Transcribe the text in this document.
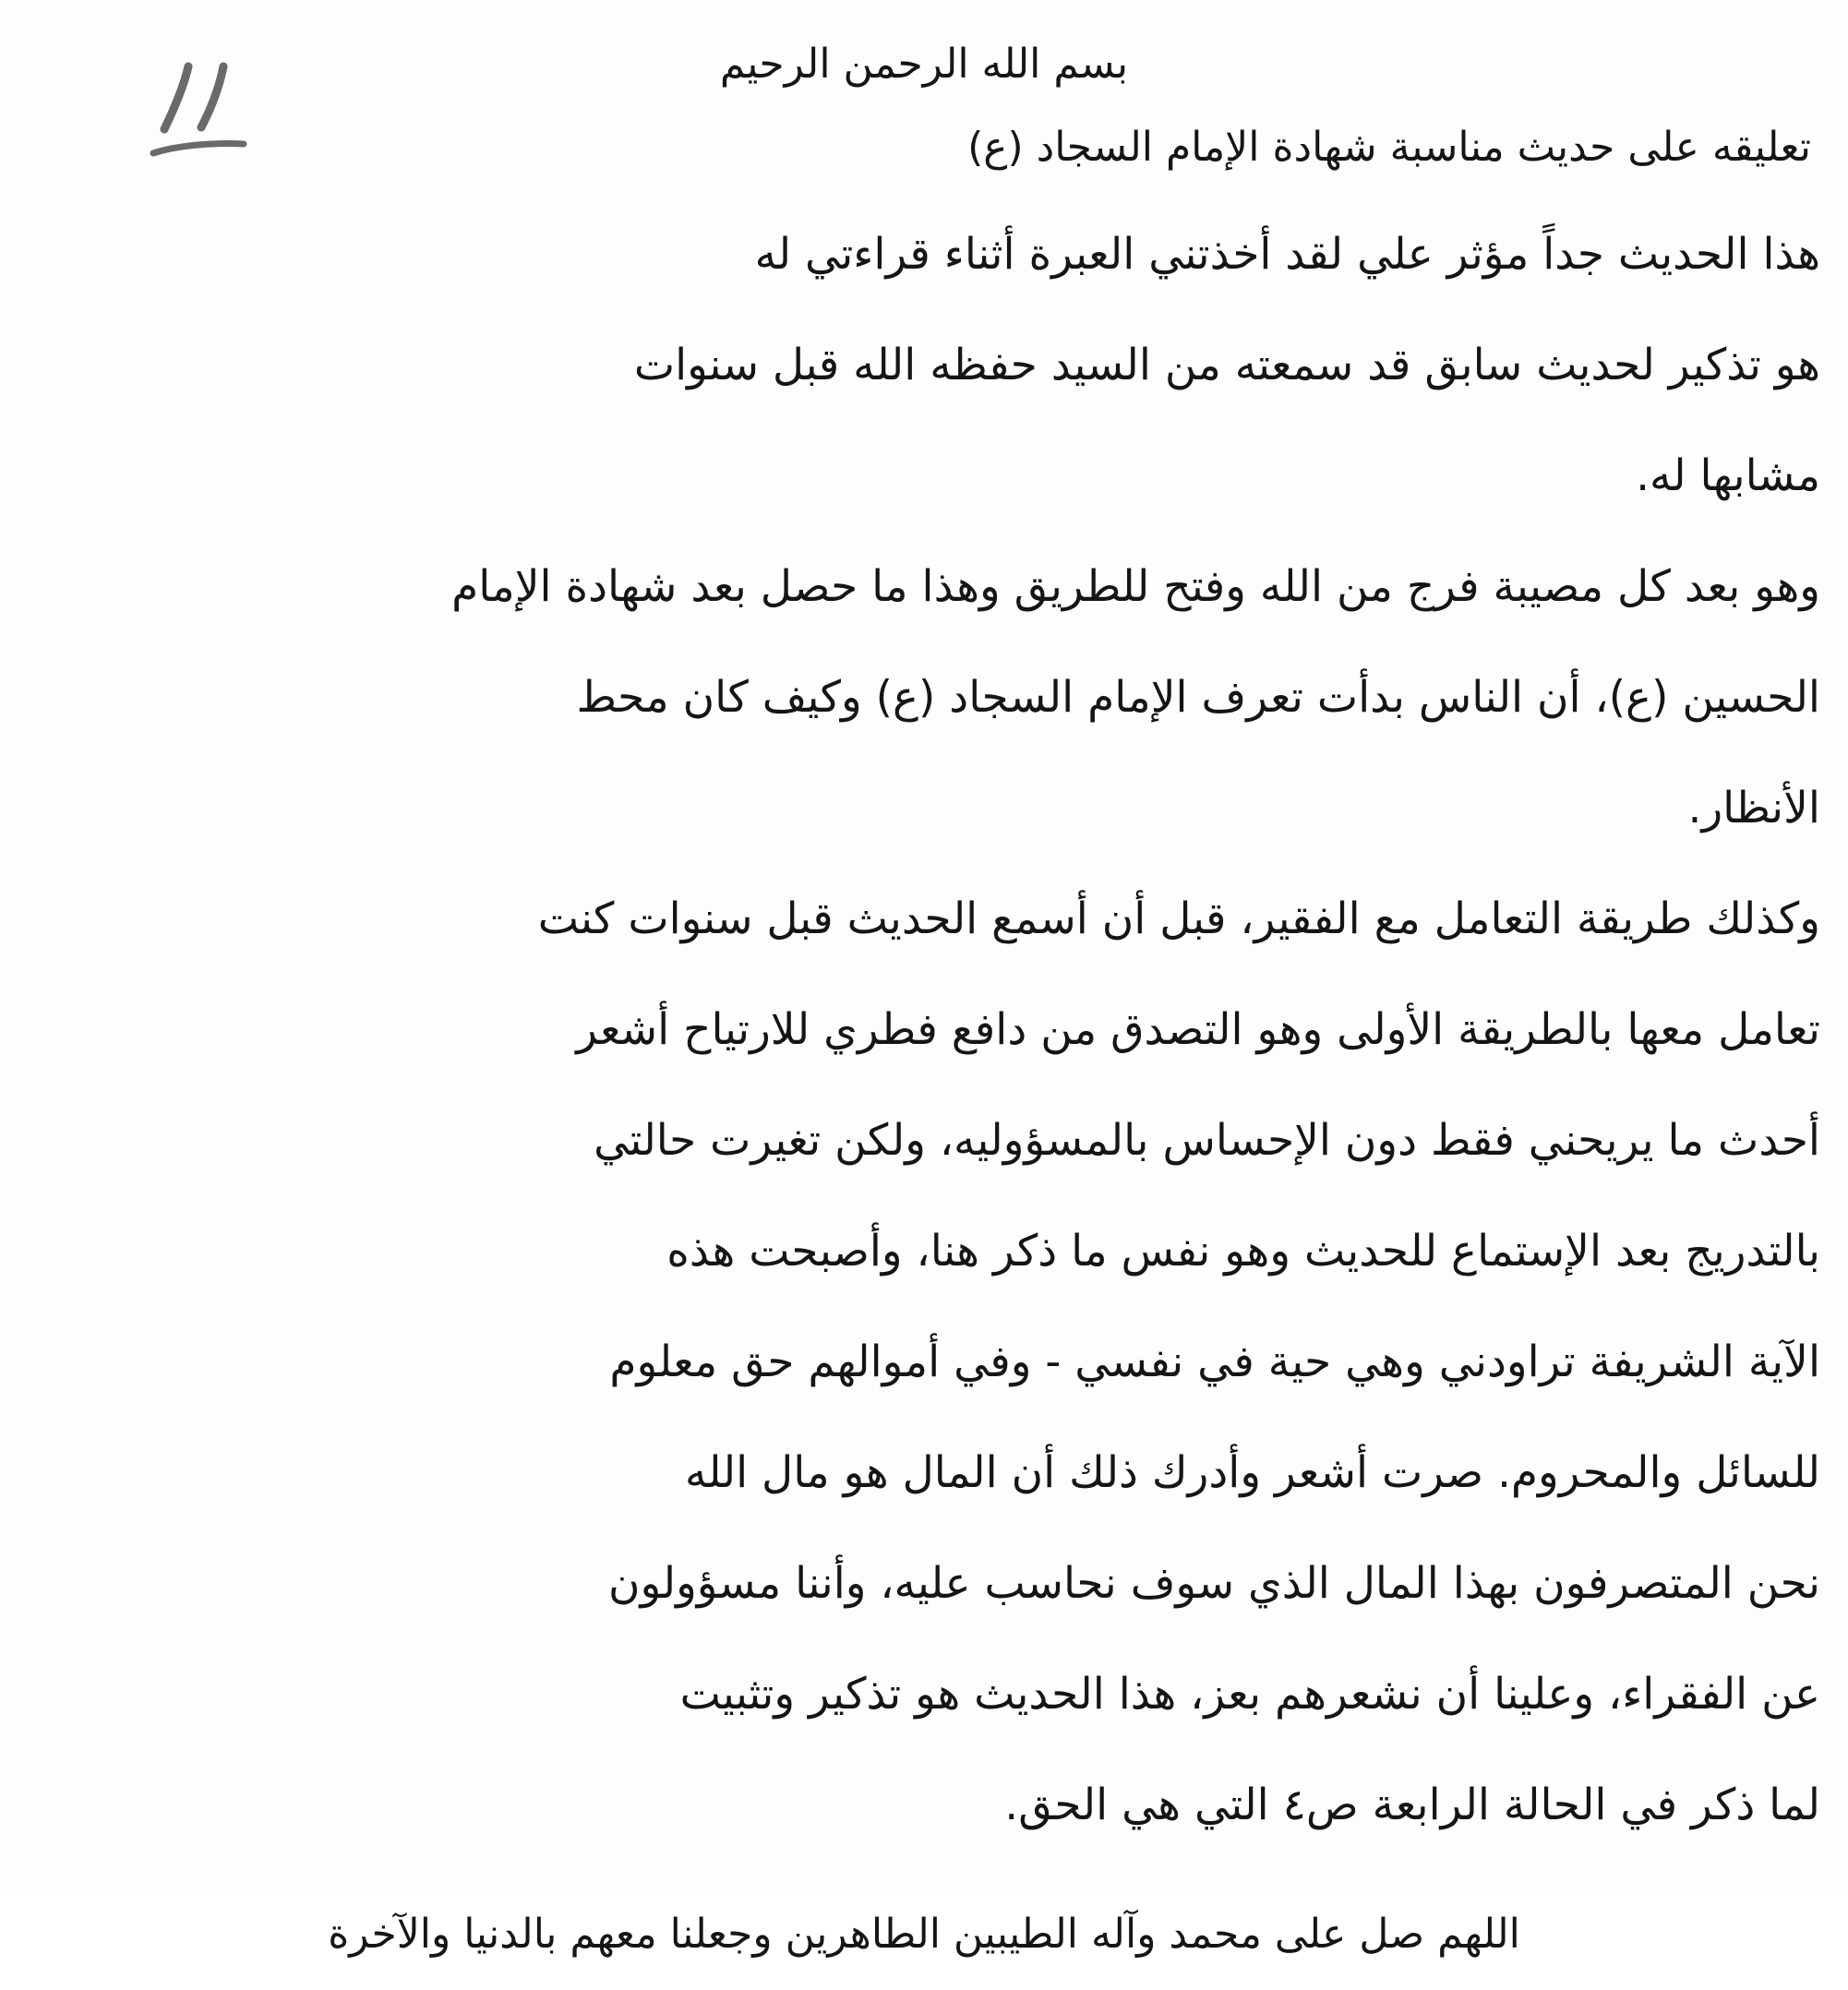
بسم الله الرحمن الرحيم
تعليقه على حديث مناسبة شهادة الإمام السجاد (ع)
هذا الحديث جداً مؤثر علي لقد أخذتني العبرة أثناء قراءتي له
هو تذكير لحديث سابق قد سمعته من السيد حفظه الله قبل سنوات
مشابها له.
وهو بعد كل مصيبة فرج من الله وفتح للطريق وهذا ما حصل بعد شهادة الإمام
الحسين (ع)، أن الناس بدأت تعرف الإمام السجاد (ع) وكيف كان محط
الأنظار.
وكذلك طريقة التعامل مع الفقير، قبل أن أسمع الحديث قبل سنوات كنت
تعامل معها بالطريقة الأولى وهو التصدق من دافع فطري للارتياح أشعر
أحدث ما يريحني فقط دون الإحساس بالمسؤوليه، ولكن تغيرت حالتي
بالتدريج بعد الإستماع للحديث وهو نفس ما ذكر هنا، وأصبحت هذه
الآية الشريفة تراودني وهي حية في نفسي - وفي أموالهم حق معلوم
للسائل والمحروم. صرت أشعر وأدرك ذلك أن المال هو مال الله
نحن المتصرفون بهذا المال الذي سوف نحاسب عليه، وأننا مسؤولون
عن الفقراء، وعلينا أن نشعرهم بعز، هذا الحديث هو تذكير وتثبيت
لما ذكر في الحالة الرابعة ص٤ التي هي الحق.
اللهم صل على محمد وآله الطيبين الطاهرين وجعلنا معهم بالدنيا والآخرة
